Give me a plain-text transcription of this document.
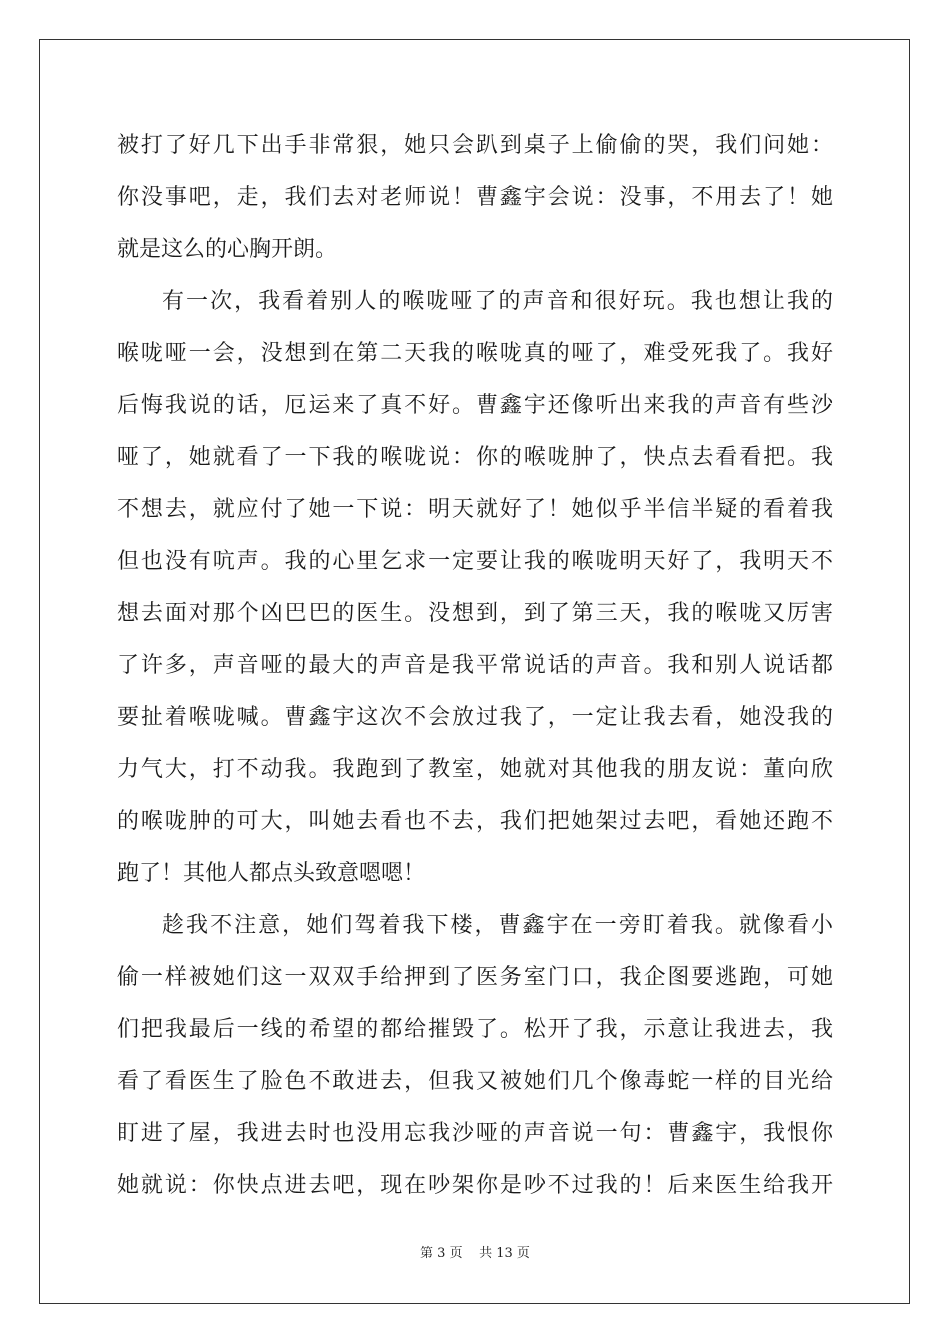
被打了好几下出手非常狠，她只会趴到桌子上偷偷的哭，我们问她：
你没事吧，走，我们去对老师说！曹鑫宇会说：没事，不用去了！她
就是这么的心胸开朗。
有一次，我看着别人的喉咙哑了的声音和很好玩。我也想让我的
喉咙哑一会，没想到在第二天我的喉咙真的哑了，难受死我了。我好
后悔我说的话，厄运来了真不好。曹鑫宇还像听出来我的声音有些沙
哑了，她就看了一下我的喉咙说：你的喉咙肿了，快点去看看把。我
不想去，就应付了她一下说：明天就好了！她似乎半信半疑的看着我
但也没有吭声。我的心里乞求一定要让我的喉咙明天好了，我明天不
想去面对那个凶巴巴的医生。没想到，到了第三天，我的喉咙又厉害
了许多，声音哑的最大的声音是我平常说话的声音。我和别人说话都
要扯着喉咙喊。曹鑫宇这次不会放过我了，一定让我去看，她没我的
力气大，打不动我。我跑到了教室，她就对其他我的朋友说：董向欣
的喉咙肿的可大，叫她去看也不去，我们把她架过去吧，看她还跑不
跑了！其他人都点头致意嗯嗯！
趁我不注意，她们驾着我下楼，曹鑫宇在一旁盯着我。就像看小
偷一样被她们这一双双手给押到了医务室门口，我企图要逃跑，可她
们把我最后一线的希望的都给摧毁了。松开了我，示意让我进去，我
看了看医生了脸色不敢进去，但我又被她们几个像毒蛇一样的目光给
盯进了屋，我进去时也没用忘我沙哑的声音说一句：曹鑫宇，我恨你
她就说：你快点进去吧，现在吵架你是吵不过我的！后来医生给我开
第 3 页 共 13 页
